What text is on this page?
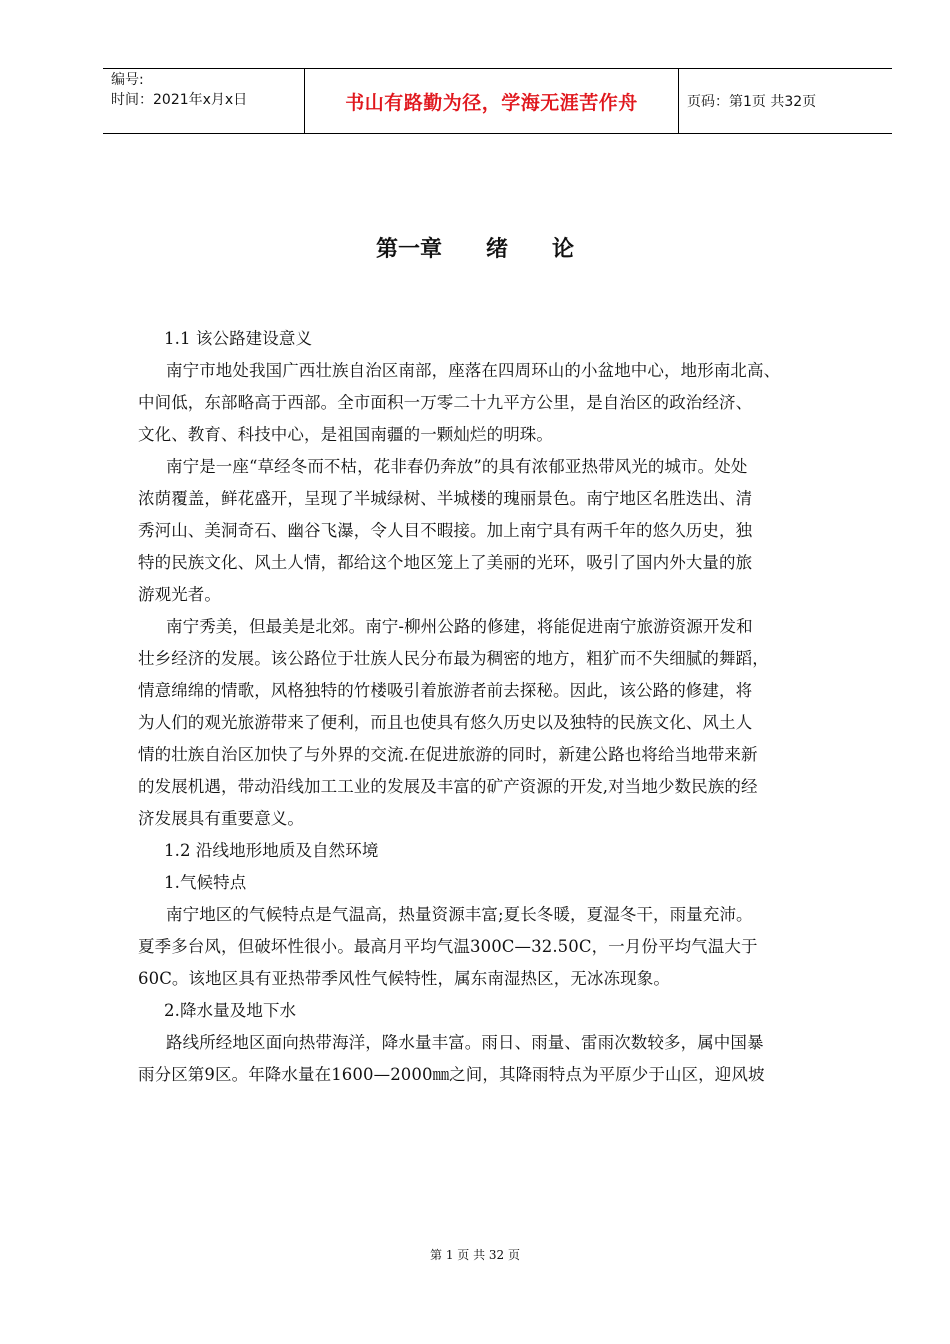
编号:
时间：2021年x月x日	书山有路勤为径，学海无涯苦作舟	页码：第1页 共32页
第一章　　绪　　论
1.1 该公路建设意义
南宁市地处我国广西壮族自治区南部，座落在四周环山的小盆地中心，地形南北高、
中间低，东部略高于西部。全市面积一万零二十九平方公里，是自治区的政治经济、
文化、教育、科技中心，是祖国南疆的一颗灿烂的明珠。
南宁是一座“草经冬而不枯，花非春仍奔放”的具有浓郁亚热带风光的城市。处处
浓荫覆盖，鲜花盛开，呈现了半城绿树、半城楼的瑰丽景色。南宁地区名胜迭出、清
秀河山、美洞奇石、幽谷飞瀑，令人目不暇接。加上南宁具有两千年的悠久历史，独
特的民族文化、风土人情，都给这个地区笼上了美丽的光环，吸引了国内外大量的旅
游观光者。
南宁秀美，但最美是北郊。南宁-柳州公路的修建，将能促进南宁旅游资源开发和
壮乡经济的发展。该公路位于壮族人民分布最为稠密的地方，粗犷而不失细腻的舞蹈，
情意绵绵的情歌，风格独特的竹楼吸引着旅游者前去探秘。因此，该公路的修建，将
为人们的观光旅游带来了便利，而且也使具有悠久历史以及独特的民族文化、风土人
情的壮族自治区加快了与外界的交流.在促进旅游的同时，新建公路也将给当地带来新
的发展机遇，带动沿线加工工业的发展及丰富的矿产资源的开发,对当地少数民族的经
济发展具有重要意义。
1.2 沿线地形地质及自然环境
1.气候特点
南宁地区的气候特点是气温高，热量资源丰富;夏长冬暖，夏湿冬干，雨量充沛。
夏季多台风，但破坏性很小。最高月平均气温300C—32.50C，一月份平均气温大于
60C。该地区具有亚热带季风性气候特性，属东南湿热区，无冰冻现象。
2.降水量及地下水
路线所经地区面向热带海洋，降水量丰富。雨日、雨量、雷雨次数较多，属中国暴
雨分区第9区。年降水量在1600—2000㎜之间，其降雨特点为平原少于山区，迎风坡
第 1 页 共 32 页
